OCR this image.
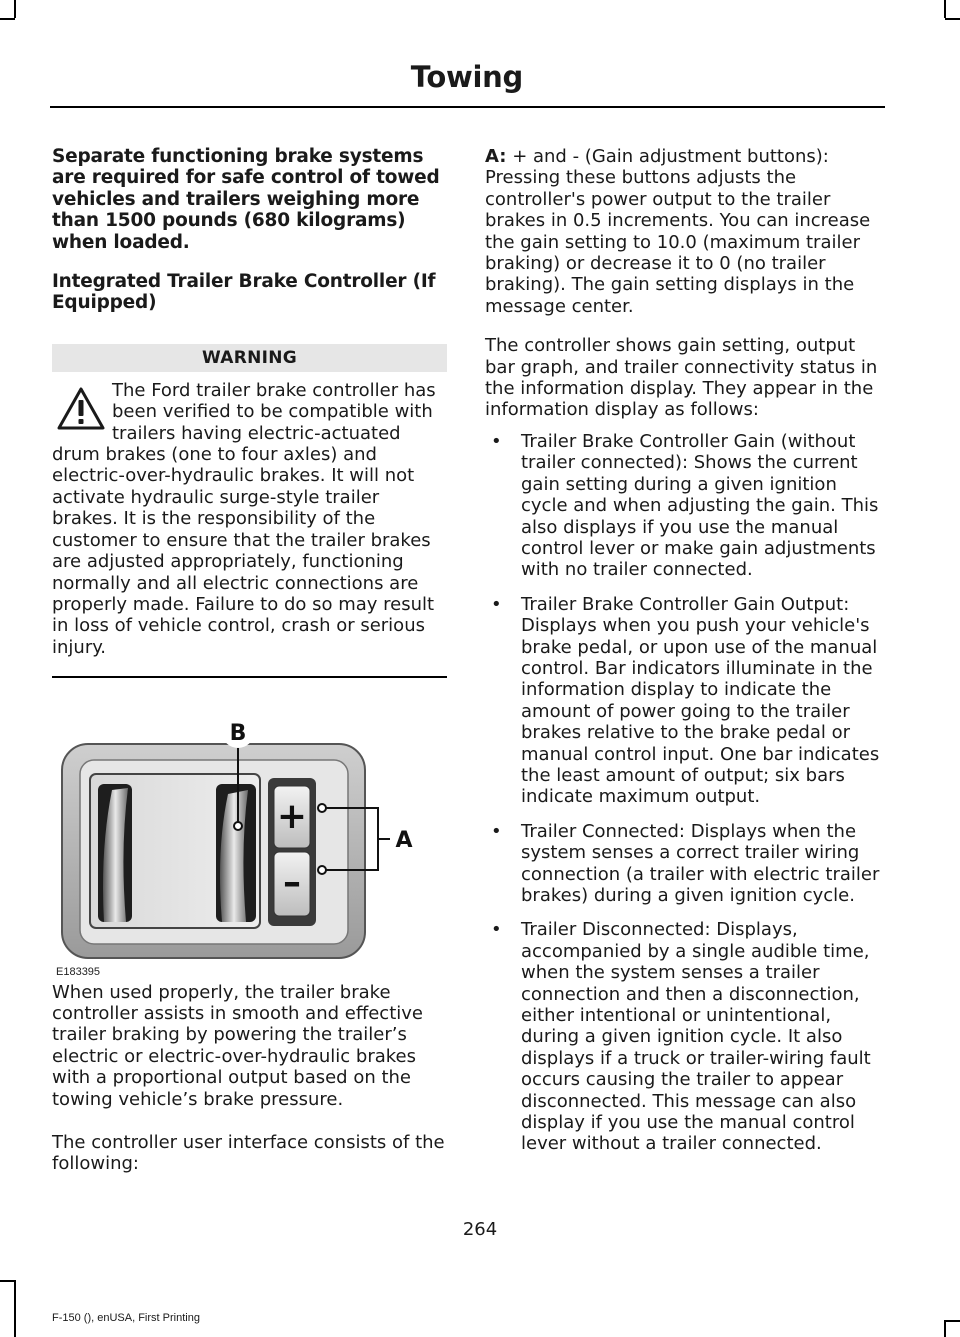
Towing

Separate functioning brake systems are required for safe control of towed vehicles and trailers weighing more than 1500 pounds (680 kilograms) when loaded.

Integrated Trailer Brake Controller (If Equipped)

WARNING
The Ford trailer brake controller has been verified to be compatible with trailers having electric-actuated drum brakes (one to four axles) and electric-over-hydraulic brakes. It will not activate hydraulic surge-style trailer brakes. It is the responsibility of the customer to ensure that the trailer brakes are adjusted appropriately, functioning normally and all electric connections are properly made. Failure to do so may result in loss of vehicle control, crash or serious injury.
+
–
B
A
E183395

When used properly, the trailer brake controller assists in smooth and effective trailer braking by powering the trailer’s electric or electric-over-hydraulic brakes with a proportional output based on the towing vehicle’s brake pressure.

The controller user interface consists of the following:

A: + and - (Gain adjustment buttons): Pressing these buttons adjusts the controller's power output to the trailer brakes in 0.5 increments. You can increase the gain setting to 10.0 (maximum trailer braking) or decrease it to 0 (no trailer braking). The gain setting displays in the message center.

The controller shows gain setting, output bar graph, and trailer connectivity status in the information display. They appear in the information display as follows:

• Trailer Brake Controller Gain (without trailer connected): Shows the current gain setting during a given ignition cycle and when adjusting the gain. This also displays if you use the manual control lever or make gain adjustments with no trailer connected.
• Trailer Brake Controller Gain Output: Displays when you push your vehicle's brake pedal, or upon use of the manual control. Bar indicators illuminate in the information display to indicate the amount of power going to the trailer brakes relative to the brake pedal or manual control input. One bar indicates the least amount of output; six bars indicate maximum output.
• Trailer Connected: Displays when the system senses a correct trailer wiring connection (a trailer with electric trailer brakes) during a given ignition cycle.
• Trailer Disconnected: Displays, accompanied by a single audible time, when the system senses a trailer connection and then a disconnection, either intentional or unintentional, during a given ignition cycle. It also displays if a truck or trailer-wiring fault occurs causing the trailer to appear disconnected. This message can also display if you use the manual control lever without a trailer connected.
264
F-150 (), enUSA, First Printing
